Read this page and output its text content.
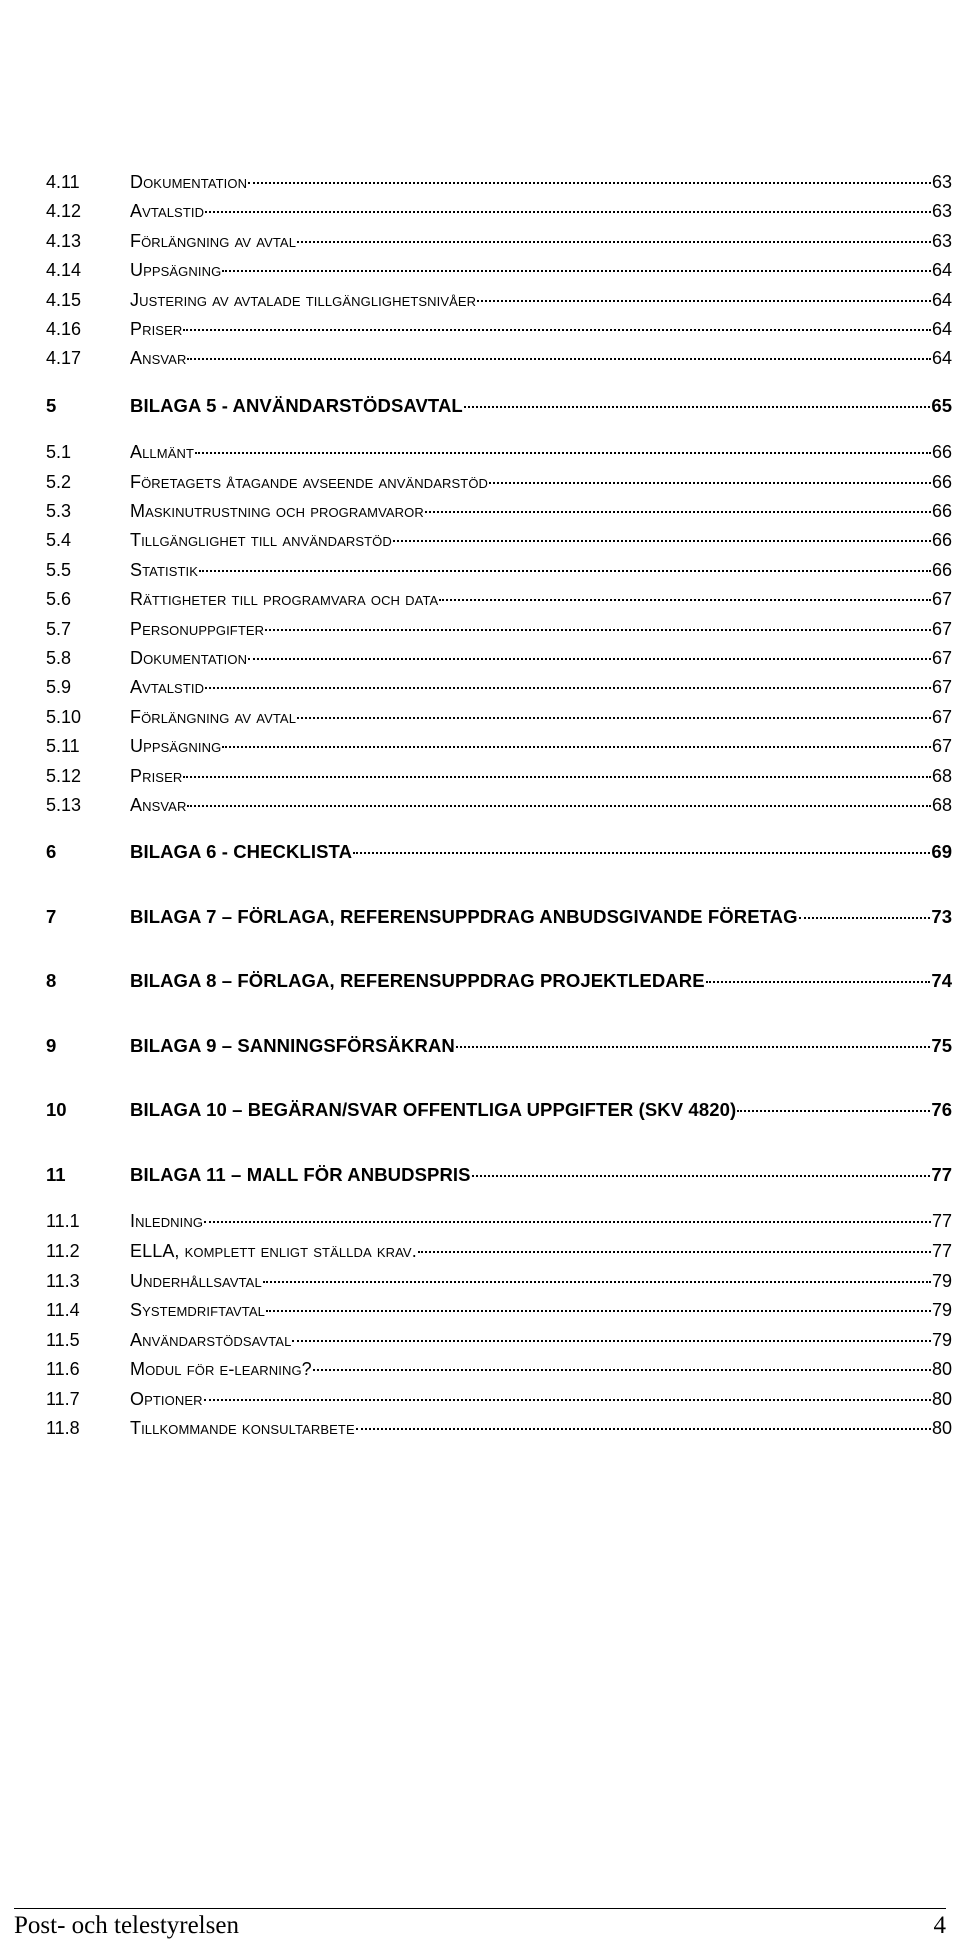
4.11	Dokumentation	63
4.12	Avtalstid	63
4.13	Förlängning av avtal	63
4.14	Uppsägning	64
4.15	Justering av avtalade tillgänglighetsnivåer	64
4.16	Priser	64
4.17	Ansvar	64
5	BILAGA 5 - ANVÄNDARSTÖDSAVTAL	65
5.1	Allmänt	66
5.2	Företagets åtagande avseende användarstöd	66
5.3	Maskinutrustning och programvaror	66
5.4	Tillgänglighet till användarstöd	66
5.5	Statistik	66
5.6	Rättigheter till programvara och data	67
5.7	Personuppgifter	67
5.8	Dokumentation	67
5.9	Avtalstid	67
5.10	Förlängning av avtal	67
5.11	Uppsägning	67
5.12	Priser	68
5.13	Ansvar	68
6	BILAGA 6 - CHECKLISTA	69
7	BILAGA 7 – FÖRLAGA, REFERENSUPPDRAG ANBUDSGIVANDE FÖRETAG	73
8	BILAGA 8 – FÖRLAGA, REFERENSUPPDRAG PROJEKTLEDARE	74
9	BILAGA 9 – SANNINGSFÖRSÄKRAN	75
10	BILAGA 10 – BEGÄRAN/SVAR OFFENTLIGA UPPGIFTER (SKV 4820)	76
11	BILAGA 11 – MALL FÖR ANBUDSPRIS	77
11.1	Inledning	77
11.2	ELLA, komplett enligt ställda krav.	77
11.3	Underhållsavtal	79
11.4	Systemdriftavtal	79
11.5	Användarstödsavtal	79
11.6	Modul för e-learning?	80
11.7	Optioner	80
11.8	Tillkommande konsultarbete	80
Post- och telestyrelsen	4
